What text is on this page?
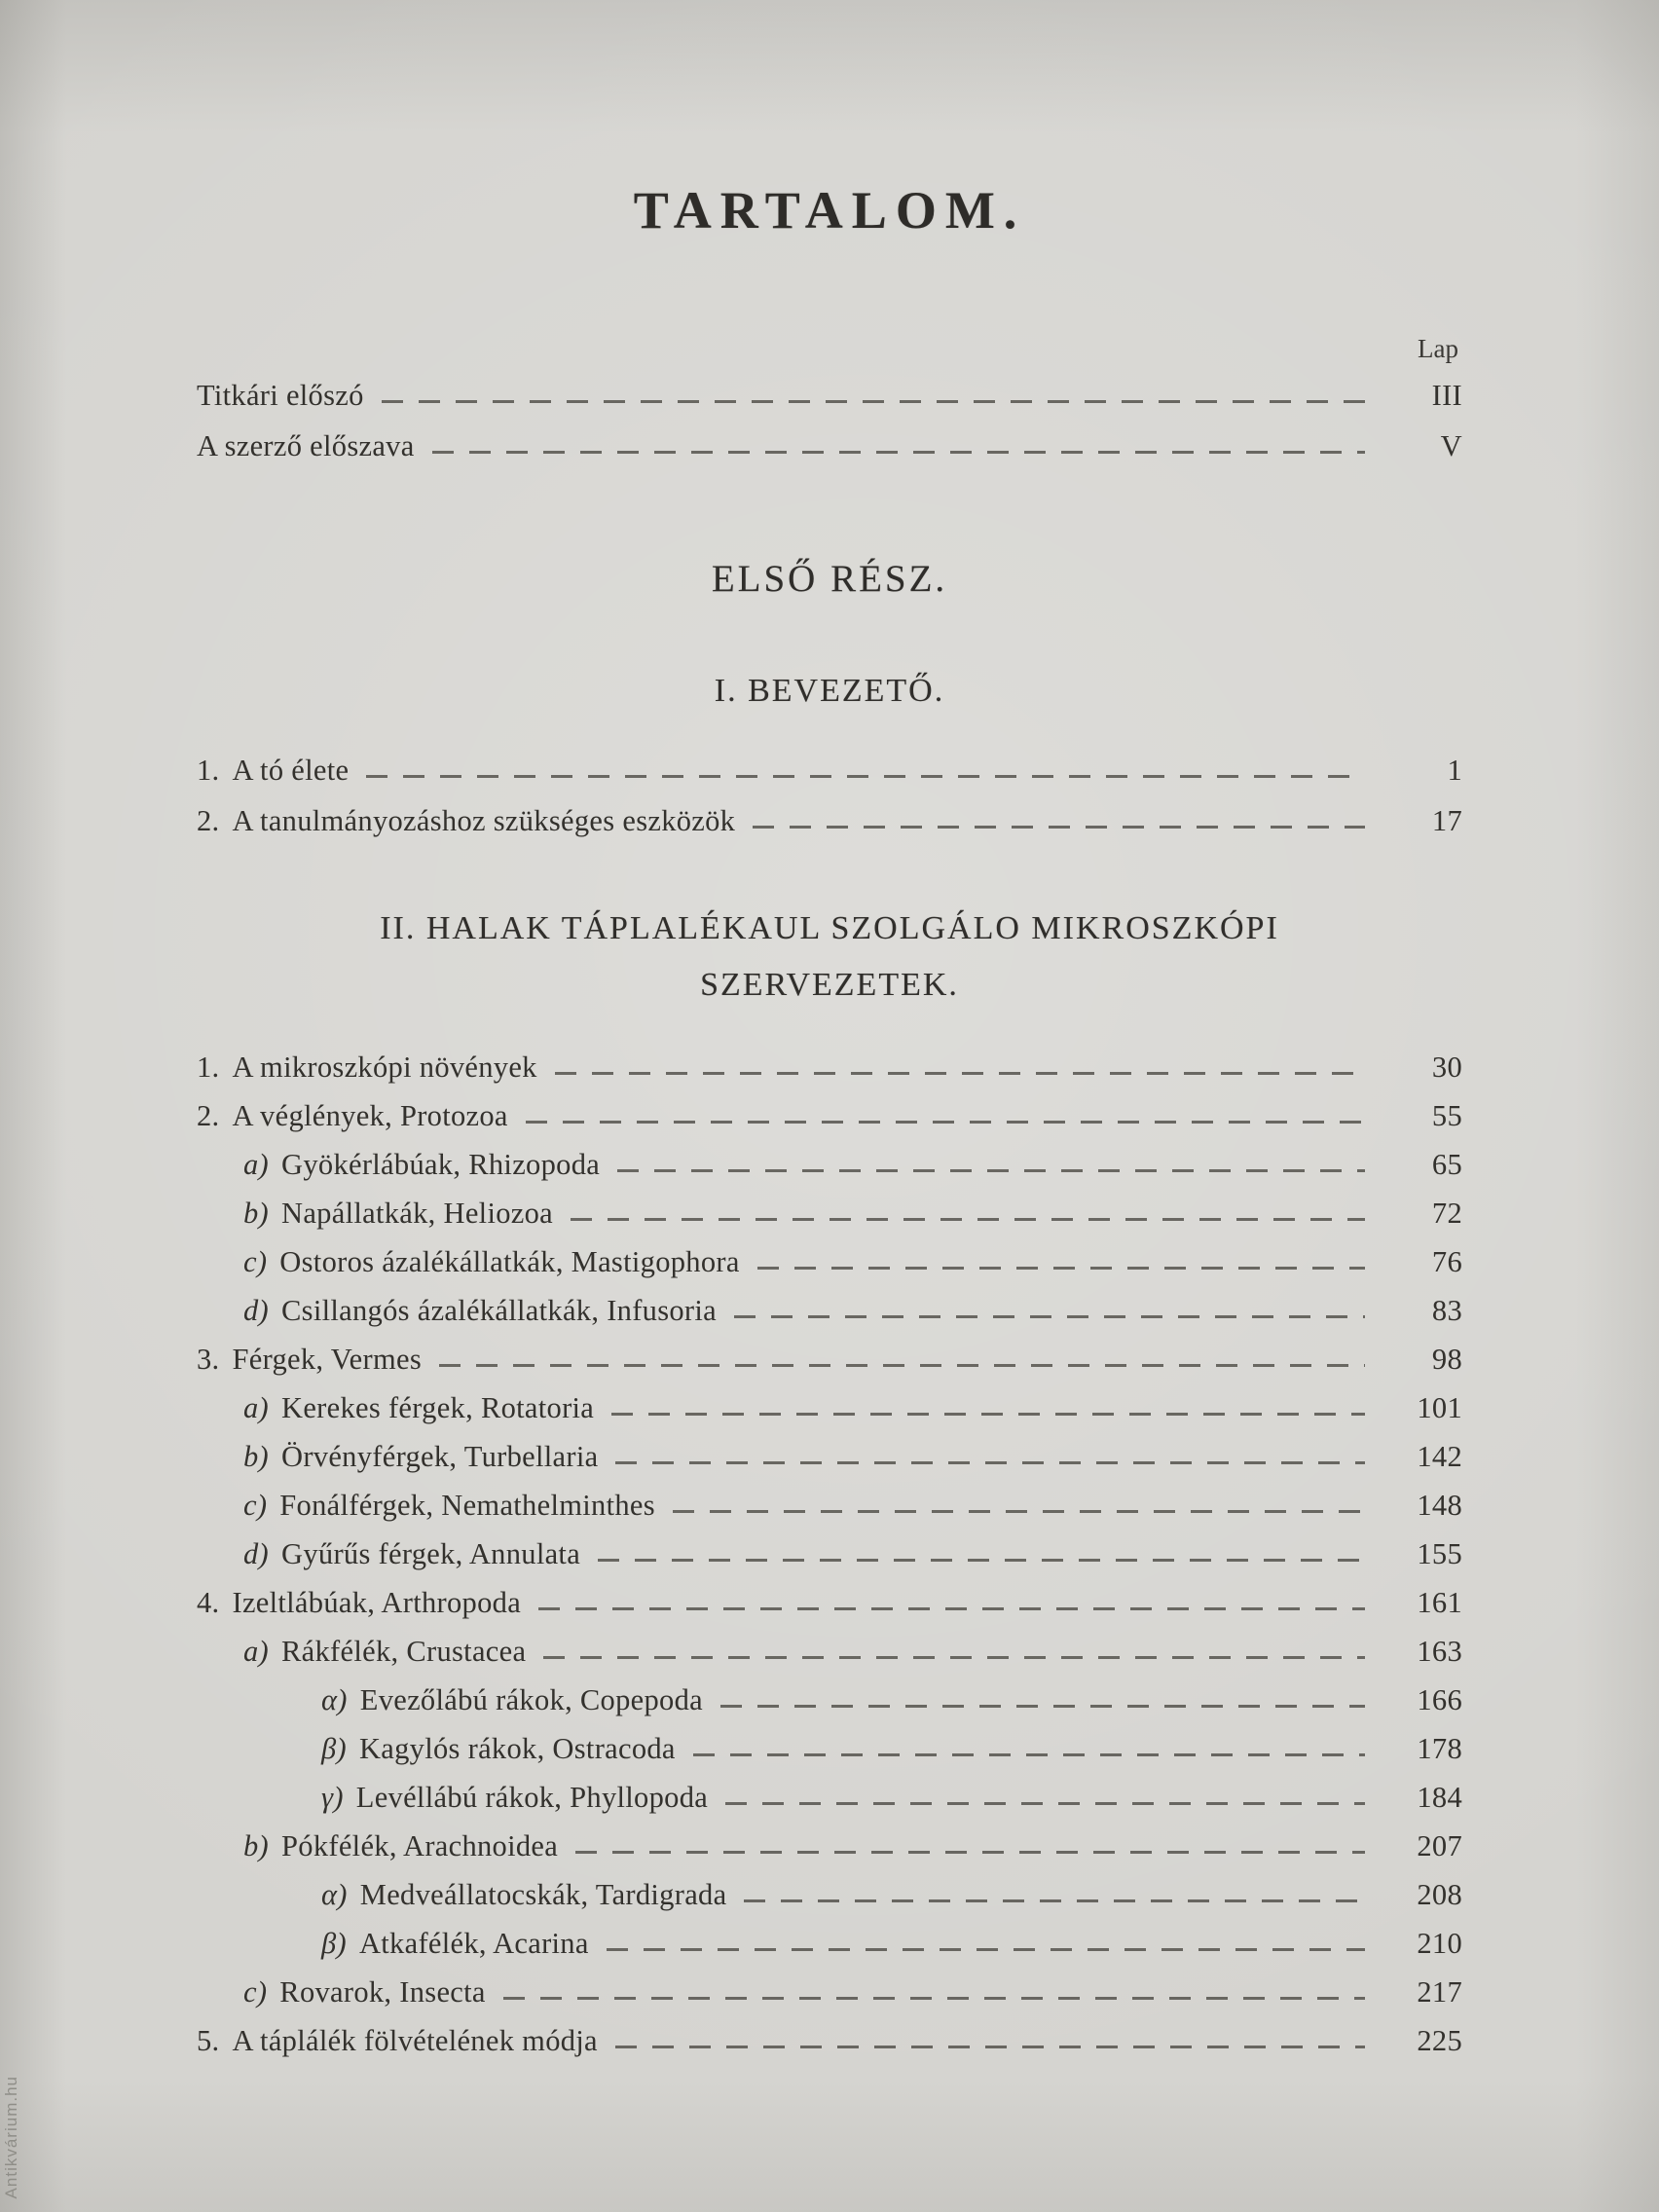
TARTALOM.
Lap
Titkári előszó	III
A szerző előszava	V
ELSŐ RÉSZ.
I. BEVEZETŐ.
1. A tó élete	1
2. A tanulmányozáshoz szükséges eszközök	17
II. HALAK TÁPLALÉKAUL SZOLGÁLO MIKROSZKÓPI
SZERVEZETEK.
1. A mikroszkópi növények	30
2. A véglények, Protozoa	55
a) Gyökérlábúak, Rhizopoda	65
b) Napállatkák, Heliozoa	72
c) Ostoros ázalékállatkák, Mastigophora	76
d) Csillangós ázalékállatkák, Infusoria	83
3. Férgek, Vermes	98
a) Kerekes férgek, Rotatoria	101
b) Örvényférgek, Turbellaria	142
c) Fonálférgek, Nemathelminthes	148
d) Gyűrűs férgek, Annulata	155
4. Izeltlábúak, Arthropoda	161
a) Rákfélék, Crustacea	163
α) Evezőlábú rákok, Copepoda	166
β) Kagylós rákok, Ostracoda	178
γ) Levéllábú rákok, Phyllopoda	184
b) Pókfélék, Arachnoidea	207
α) Medveállatocskák, Tardigrada	208
β) Atkafélék, Acarina	210
c) Rovarok, Insecta	217
5. A táplálék fölvételének módja	225
Antikvárium.hu
